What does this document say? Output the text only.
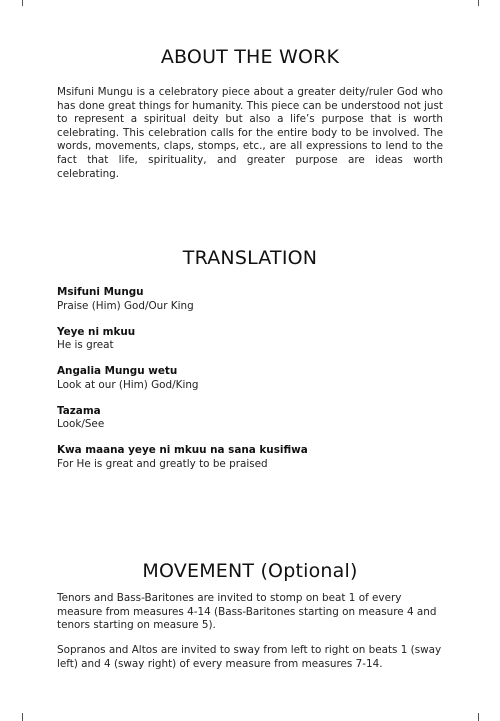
ABOUT THE WORK

Msifuni Mungu is a celebratory piece about a greater deity/ruler God who has done great things for humanity. This piece can be understood not just to represent a spiritual deity but also a life’s purpose that is worth celebrating. This celebration calls for the entire body to be involved. The words, movements, claps, stomps, etc., are all expressions to lend to the fact that life, spirituality, and greater purpose are ideas worth celebrating.

TRANSLATION
Msifuni Mungu
Praise (Him) God/Our King
Yeye ni mkuu
He is great
Angalia Mungu wetu
Look at our (Him) God/King
Tazama
Look/See
Kwa maana yeye ni mkuu na sana kusifiwa
For He is great and greatly to be praised
MOVEMENT (Optional)

Tenors and Bass-Baritones are invited to stomp on beat 1 of every measure from measures 4-14 (Bass-Baritones starting on measure 4 and tenors starting on measure 5).

Sopranos and Altos are invited to sway from left to right on beats 1 (sway left) and 4 (sway right) of every measure from measures 7-14.
